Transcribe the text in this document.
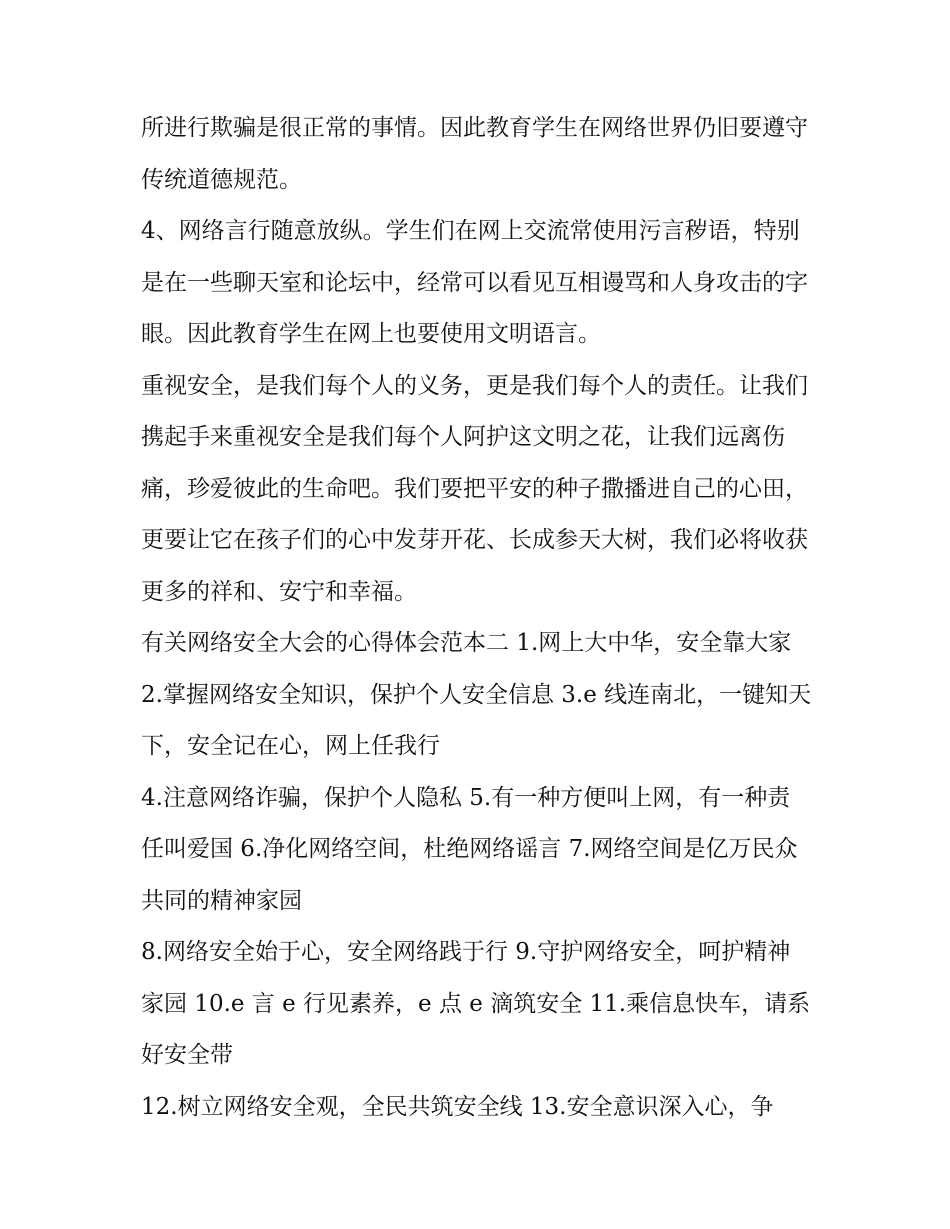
所进行欺骗是很正常的事情。因此教育学生在网络世界仍旧要遵守传统道德规范。

4、网络言行随意放纵。学生们在网上交流常使用污言秽语，特别是在一些聊天室和论坛中，经常可以看见互相谩骂和人身攻击的字眼。因此教育学生在网上也要使用文明语言。

重视安全，是我们每个人的义务，更是我们每个人的责任。让我们携起手来重视安全是我们每个人阿护这文明之花，让我们远离伤痛，珍爱彼此的生命吧。我们要把平安的种子撒播进自己的心田，更要让它在孩子们的心中发芽开花、长成参天大树，我们必将收获更多的祥和、安宁和幸福。

有关网络安全大会的心得体会范本二 1.网上大中华，安全靠大家 2.掌握网络安全知识，保护个人安全信息 3.e 线连南北，一键知天下，安全记在心，网上任我行

4.注意网络诈骗，保护个人隐私 5.有一种方便叫上网，有一种责任叫爱国 6.净化网络空间，杜绝网络谣言 7.网络空间是亿万民众共同的精神家园

8.网络安全始于心，安全网络践于行 9.守护网络安全，呵护精神家园 10.e 言 e 行见素养，e 点 e 滴筑安全 11.乘信息快车，请系好安全带

12.树立网络安全观，全民共筑安全线 13.安全意识深入心，争
